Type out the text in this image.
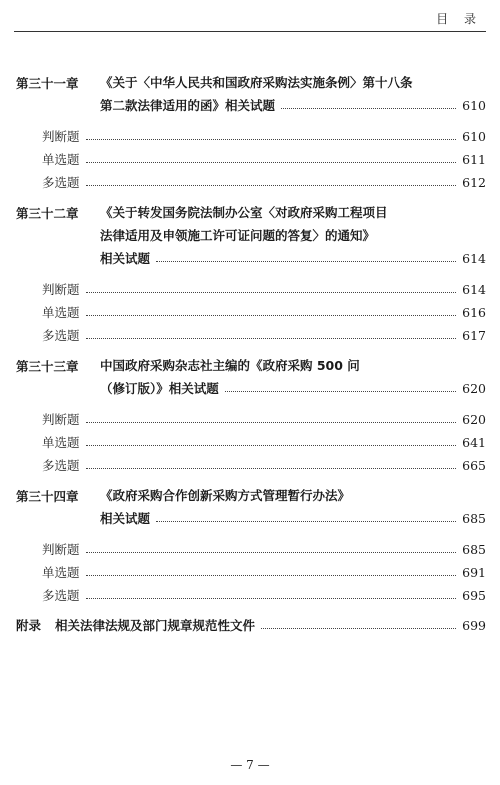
目 录
第三十一章 《关于〈中华人民共和国政府采购法实施条例〉第十八条
第二款法律适用的函》相关试题	610
判断题	610
单选题	611
多选题	612
第三十二章 《关于转发国务院法制办公室〈对政府采购工程项目
法律适用及申领施工许可证问题的答复〉的通知》
相关试题	614
判断题	614
单选题	616
多选题	617
第三十三章 中国政府采购杂志社主编的《政府采购 500 问
（修订版）》相关试题	620
判断题	620
单选题	641
多选题	665
第三十四章 《政府采购合作创新采购方式管理暂行办法》
相关试题	685
判断题	685
单选题	691
多选题	695
附录 相关法律法规及部门规章规范性文件	699
— 7 —
